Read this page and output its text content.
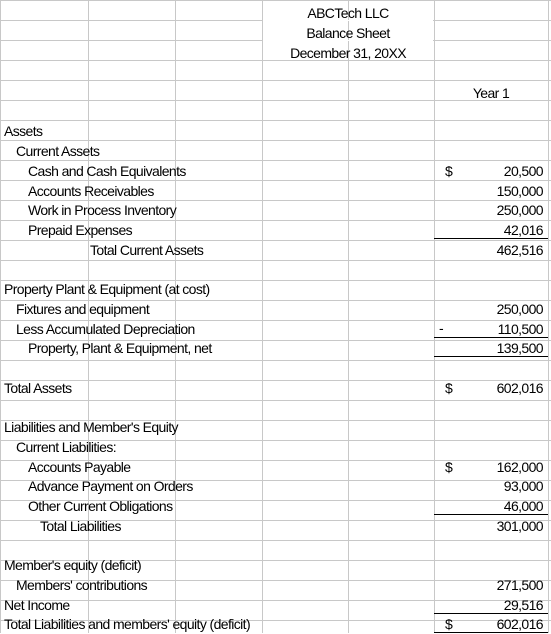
ABCTech LLC
Balance Sheet
December 31, 20XX
Year 1
Assets
Current Assets
Cash and Cash Equivalents	$	20,500
Accounts Receivables	150,000
Work in Process Inventory	250,000
Prepaid Expenses	42,016
Total Current Assets	462,516
Property Plant & Equipment (at cost)
Fixtures and equipment	250,000
Less Accumulated Depreciation	-	110,500
Property, Plant & Equipment, net	139,500
Total Assets	$	602,016
Liabilities and Member's Equity
Current Liabilities:
Accounts Payable	$	162,000
Advance Payment on Orders	93,000
Other Current Obligations	46,000
Total Liabilities	301,000
Member's equity (deficit)
Members' contributions	271,500
Net Income	29,516
Total Liabilities and members' equity (deficit)	$	602,016
